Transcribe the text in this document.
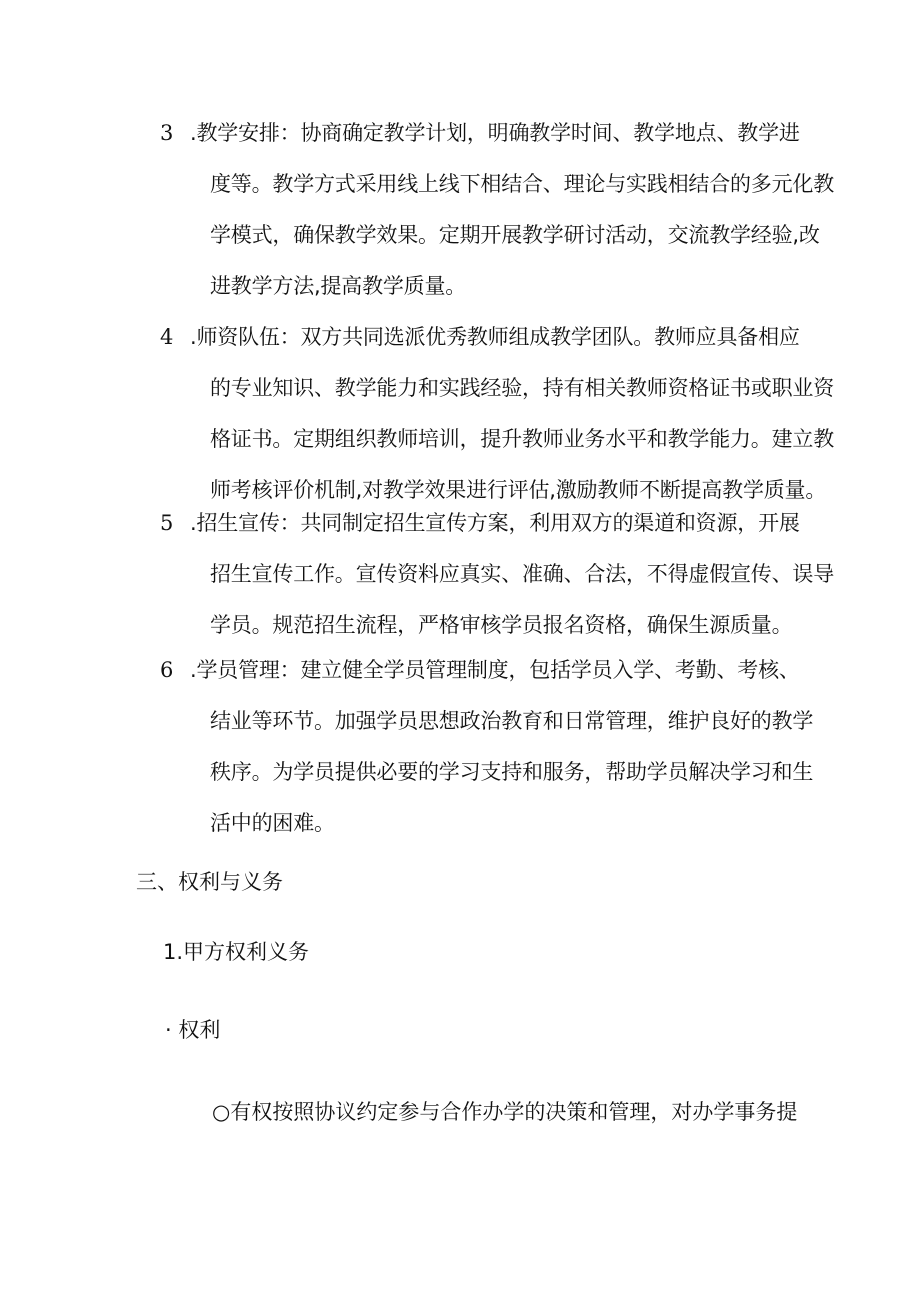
3 .教学安排：协商确定教学计划，明确教学时间、教学地点、教学进
度等。教学方式采用线上线下相结合、理论与实践相结合的多元化教
学模式，确保教学效果。定期开展教学研讨活动，交流教学经验,改
进教学方法,提高教学质量。
4 .师资队伍：双方共同选派优秀教师组成教学团队。教师应具备相应
的专业知识、教学能力和实践经验，持有相关教师资格证书或职业资
格证书。定期组织教师培训，提升教师业务水平和教学能力。建立教
师考核评价机制,对教学效果进行评估,激励教师不断提高教学质量。
5 .招生宣传：共同制定招生宣传方案，利用双方的渠道和资源，开展
招生宣传工作。宣传资料应真实、准确、合法，不得虚假宣传、误导
学员。规范招生流程，严格审核学员报名资格，确保生源质量。
6 .学员管理：建立健全学员管理制度，包括学员入学、考勤、考核、
结业等环节。加强学员思想政治教育和日常管理，维护良好的教学
秩序。为学员提供必要的学习支持和服务，帮助学员解决学习和生
活中的困难。
三、权利与义务
1.甲方权利义务
· 权利
○有权按照协议约定参与合作办学的决策和管理，对办学事务提
